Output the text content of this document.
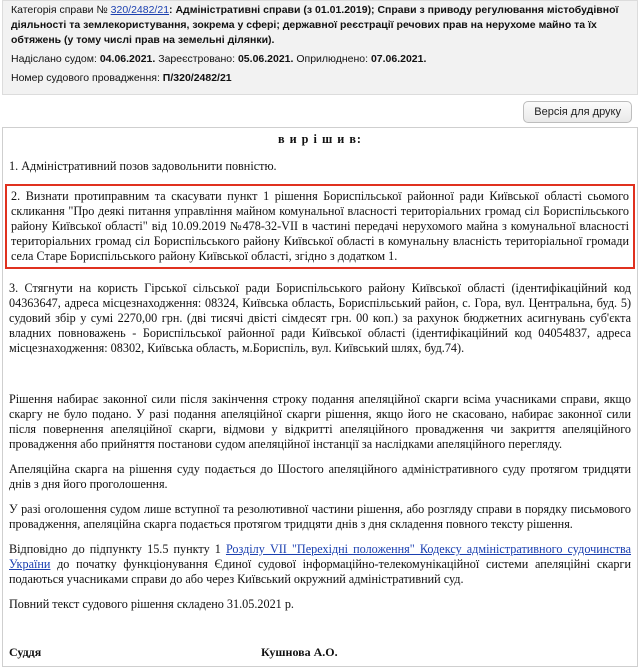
Категорія справи № 320/2482/21: Адміністративні справи (з 01.01.2019); Справи з приводу регулювання містобудівної діяльності та землекористування, зокрема у сфері; державної реєстрації речових прав на нерухоме майно та їх обтяжень (у тому числі прав на земельні ділянки).
Надіслано судом: 04.06.2021. Зареєстровано: 05.06.2021. Оприлюднено: 07.06.2021.
Номер судового провадження: П/320/2482/21
Версія для друку
в и р і ш и в:
1. Адміністративний позов задовольнити повністю.
2. Визнати протиправним та скасувати пункт 1 рішення Бориспільської районної ради Київської області сьомого скликання "Про деякі питання управління майном комунальної власності територіальних громад сіл Бориспільського району Київської області" від 10.09.2019 №478-32-VII в частині передачі нерухомого майна з комунальної власності територіальних громад сіл Бориспільського району Київської області в комунальну власність територіальної громади села Старе Бориспільського району Київської області, згідно з додатком 1.
3. Стягнути на користь Гірської сільської ради Бориспільського району Київської області (ідентифікаційний код 04363647, адреса місцезнаходження: 08324, Київська область, Бориспільський район, с. Гора, вул. Центральна, буд. 5) судовий збір у сумі 2270,00 грн. (дві тисячі двісті сімдесят грн. 00 коп.) за рахунок бюджетних асигнувань суб'єкта владних повноважень - Бориспільської районної ради Київської області (ідентифікаційний код 04054837, адреса місцезнаходження: 08302, Київська область, м.Бориспіль, вул. Київський шлях, буд.74).
Рішення набирає законної сили після закінчення строку подання апеляційної скарги всіма учасниками справи, якщо скаргу не було подано. У разі подання апеляційної скарги рішення, якщо його не скасовано, набирає законної сили після повернення апеляційної скарги, відмови у відкритті апеляційного провадження чи закриття апеляційного провадження або прийняття постанови судом апеляційної інстанції за наслідками апеляційного перегляду.
Апеляційна скарга на рішення суду подається до Шостого апеляційного адміністративного суду протягом тридцяти днів з дня його проголошення.
У разі оголошення судом лише вступної та резолютивної частини рішення, або розгляду справи в порядку письмового провадження, апеляційна скарга подається протягом тридцяти днів з дня складення повного тексту рішення.
Відповідно до підпункту 15.5 пункту 1 Розділу VII "Перехідні положення" Кодексу адміністративного судочинства України до початку функціонування Єдиної судової інформаційно-телекомунікаційної системи апеляційні скарги подаються учасниками справи до або через Київський окружний адміністративний суд.
Повний текст судового рішення складено 31.05.2021 р.
Суддя	Кушнова А.О.
